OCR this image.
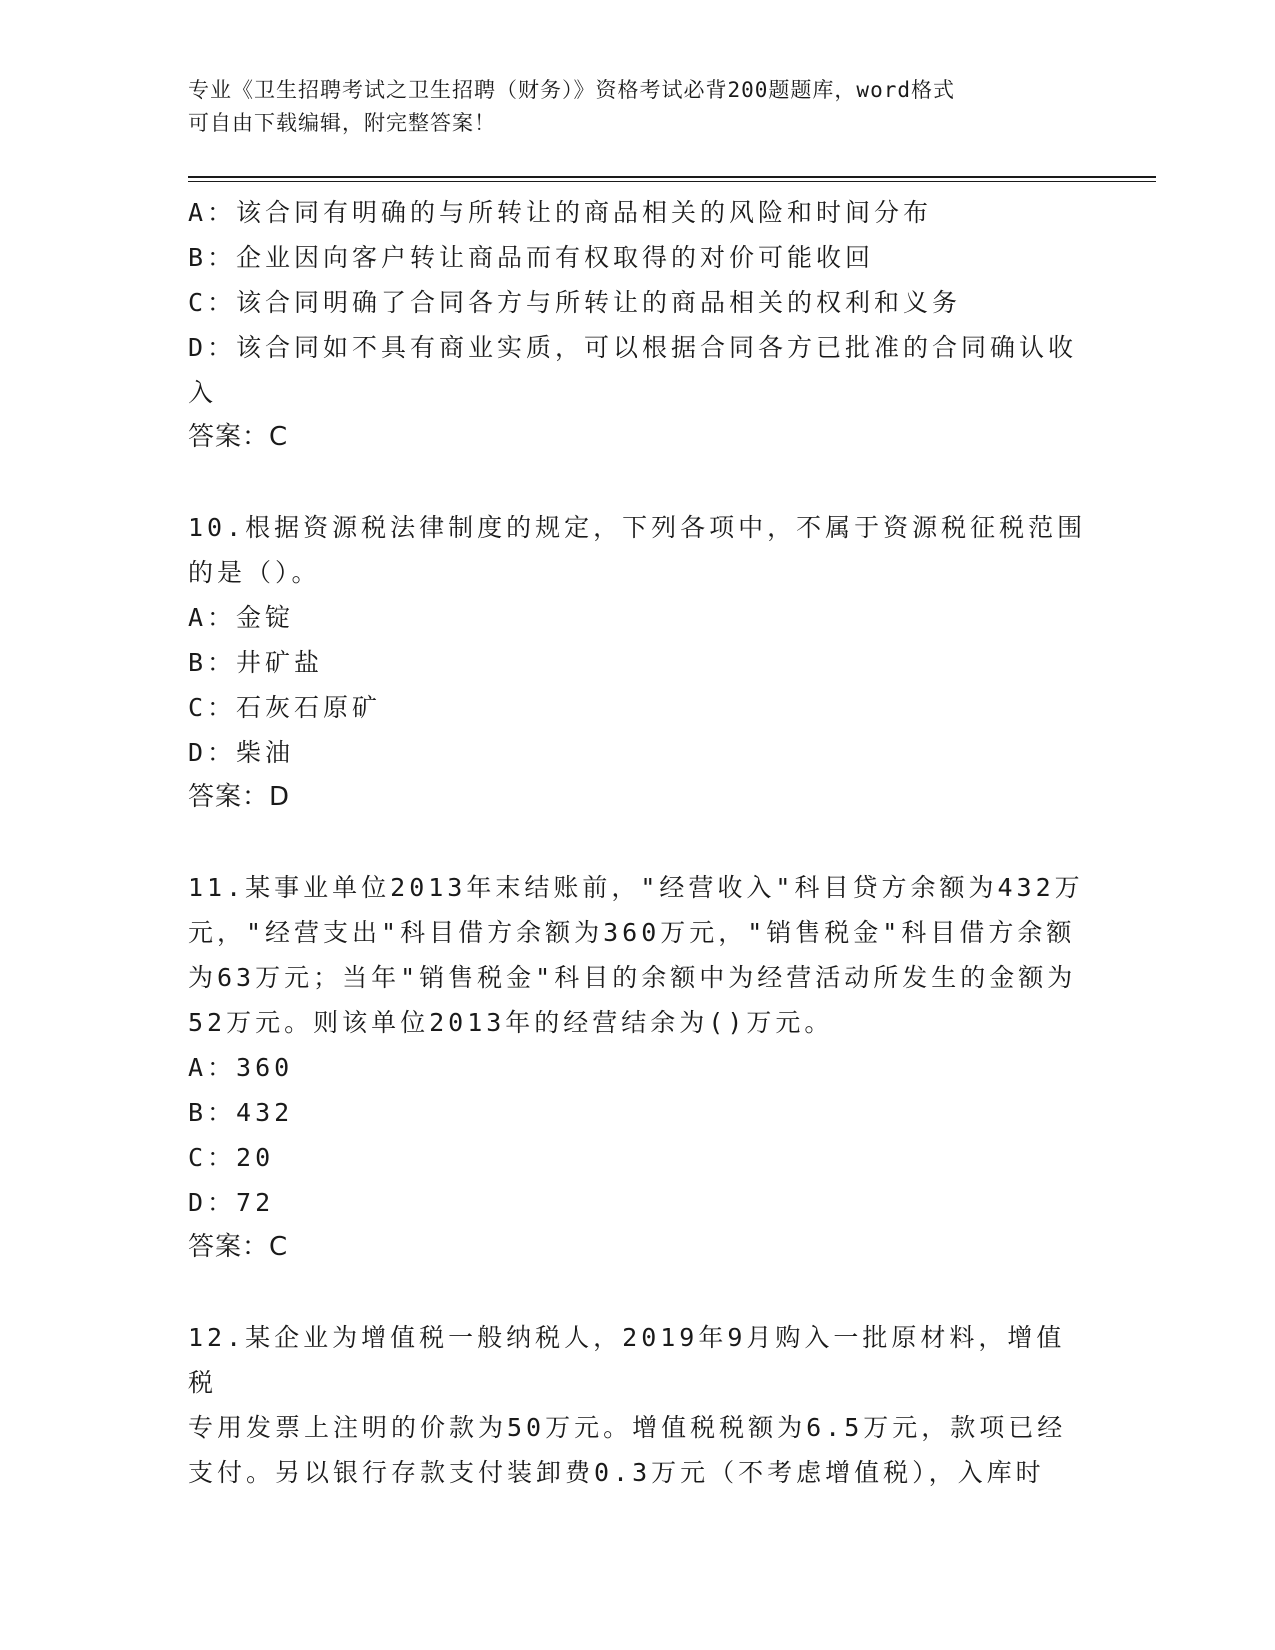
专业《卫生招聘考试之卫生招聘（财务）》资格考试必背200题题库，word格式
可自由下载编辑，附完整答案！
A：该合同有明确的与所转让的商品相关的风险和时间分布
B：企业因向客户转让商品而有权取得的对价可能收回
C：该合同明确了合同各方与所转让的商品相关的权利和义务
D：该合同如不具有商业实质，可以根据合同各方已批准的合同确认收
入
答案：C
10.根据资源税法律制度的规定，下列各项中，不属于资源税征税范围
的是（）。
A：金锭
B：井矿盐
C：石灰石原矿
D：柴油
答案：D
11.某事业单位2013年末结账前，"经营收入"科目贷方余额为432万
元，"经营支出"科目借方余额为360万元，"销售税金"科目借方余额
为63万元；当年"销售税金"科目的余额中为经营活动所发生的金额为
52万元。则该单位2013年的经营结余为()万元。
A：360
B：432
C：20
D：72
答案：C
12.某企业为增值税一般纳税人，2019年9月购入一批原材料，增值税
专用发票上注明的价款为50万元。增值税税额为6.5万元，款项已经
支付。另以银行存款支付装卸费0.3万元（不考虑增值税），入库时
